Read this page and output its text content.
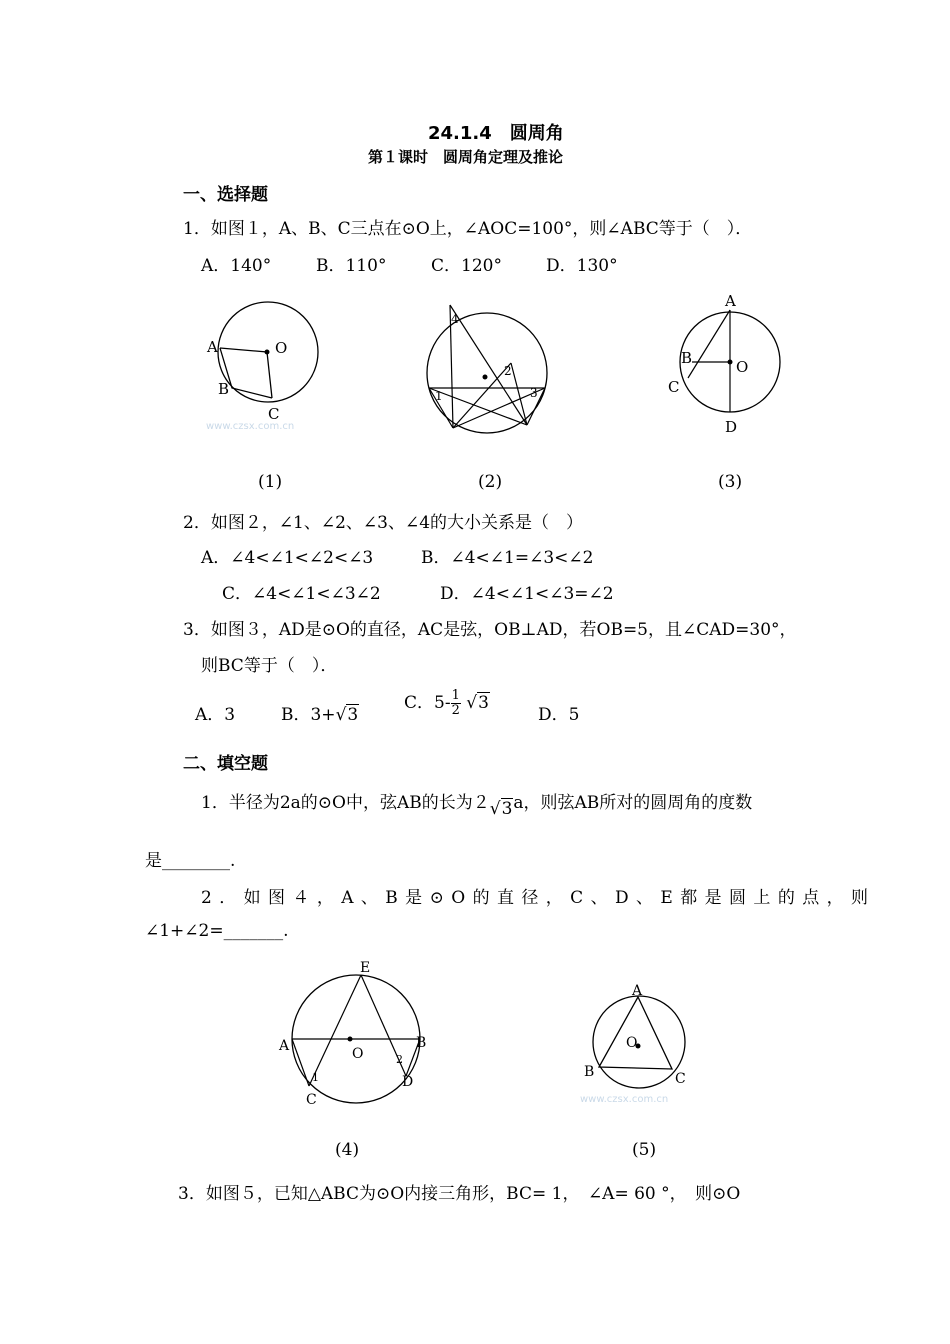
24.1.4　圆周角
第１课时　圆周角定理及推论
一、选择题
1．如图１，A、B、C三点在⊙O上，∠AOC=100°，则∠ABC等于（　）．
A．140°	B．110°	C．120°	D．130°
A	O
B
C
www.czsx.com.cn
(1)
4
2
1	3
(2)
A
B	O
C
D
(3)
2．如图２，∠1、∠2、∠3、∠4的大小关系是（　）
A．∠4<∠1<∠2<∠3	B．∠4<∠1=∠3<∠2
C．∠4<∠1<∠3∠2	D．∠4<∠1<∠3=∠2
3．如图３，AD是⊙O的直径，AC是弦，OB⊥AD，若OB=5，且∠CAD=30°，
则BC等于（　）．
A．3	B．3+√3
C．$5- \frac{1}{2} √3$
D．5
二、填空题
1．半径为2a的⊙O中，弦AB的长为２√3a，则弦AB所对的圆周角的度数
是________.
2．如图４，A、B是⊙O的直径，C、D、E都是圆上的点，则
∠1+∠2=_______.
E
A	O
B
1
2
C
D
(4)
A
O
B	C
www.czsx.com.cn
(5)
3．如图５，已知△ABC为⊙O内接三角形，BC= 1，　∠A= 60 °，　则⊙O
